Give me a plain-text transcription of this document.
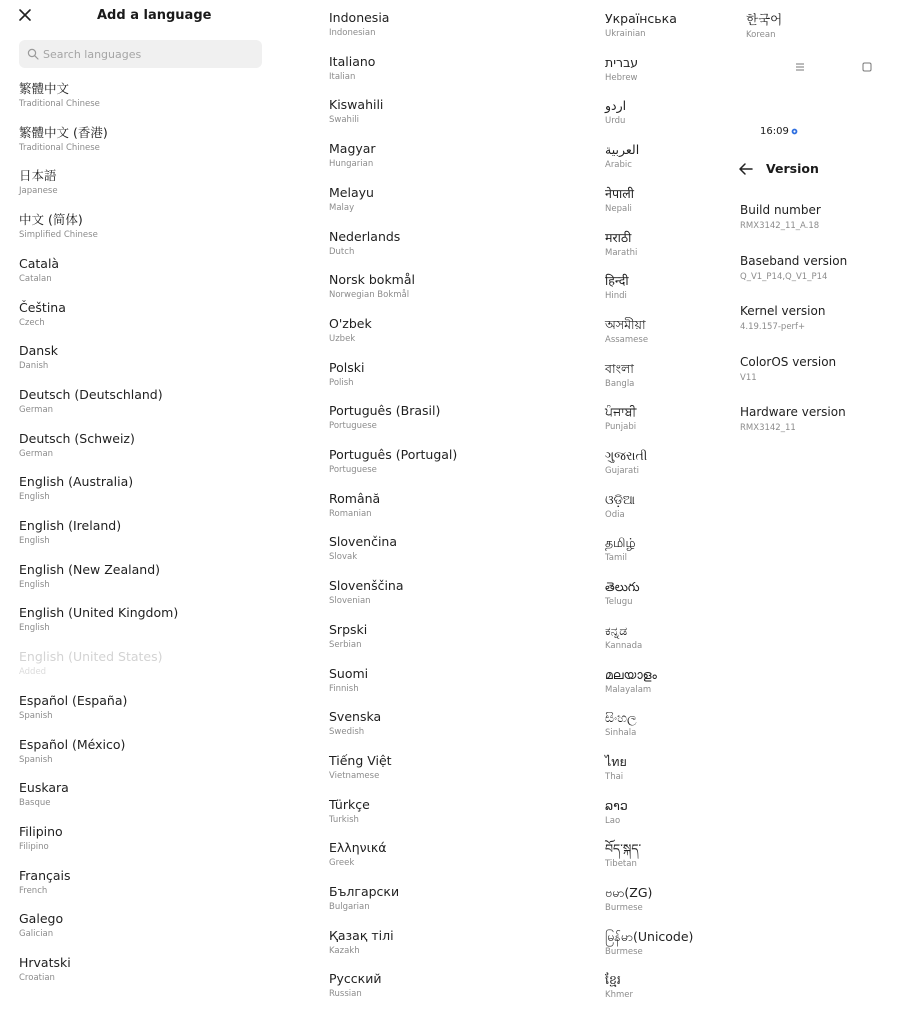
Add a language
Search languages
繁體中文
Traditional Chinese
繁體中文 (香港)
Traditional Chinese
日本語
Japanese
中文 (简体)
Simplified Chinese
Català
Catalan
Čeština
Czech
Dansk
Danish
Deutsch (Deutschland)
German
Deutsch (Schweiz)
German
English (Australia)
English
English (Ireland)
English
English (New Zealand)
English
English (United Kingdom)
English
English (United States)
Added
Español (España)
Spanish
Español (México)
Spanish
Euskara
Basque
Filipino
Filipino
Français
French
Galego
Galician
Hrvatski
Croatian
Indonesia
Indonesian
Italiano
Italian
Kiswahili
Swahili
Magyar
Hungarian
Melayu
Malay
Nederlands
Dutch
Norsk bokmål
Norwegian Bokmål
O'zbek
Uzbek
Polski
Polish
Português (Brasil)
Portuguese
Português (Portugal)
Portuguese
Română
Romanian
Slovenčina
Slovak
Slovenščina
Slovenian
Srpski
Serbian
Suomi
Finnish
Svenska
Swedish
Tiếng Việt
Vietnamese
Türkçe
Turkish
Ελληνικά
Greek
Български
Bulgarian
Қазақ тілі
Kazakh
Русский
Russian
Українська
Ukrainian
עברית
Hebrew
اردو
Urdu
العربية
Arabic
नेपाली
Nepali
मराठी
Marathi
हिन्दी
Hindi
অসমীয়া
Assamese
বাংলা
Bangla
ਪੰਜਾਬੀ
Punjabi
ગુજરાતી
Gujarati
ଓଡ଼ିଆ
Odia
தமிழ்
Tamil
తెలుగు
Telugu
ಕನ್ನಡ
Kannada
മലയാളം
Malayalam
සිංහල
Sinhala
ไทย
Thai
ລາວ
Lao
བོད་སྐད་
Tibetan
ဗမာ(ZG)
Burmese
မြန်မာ(Unicode)
Burmese
ខ្មែរ
Khmer
한국어
Korean
16:09
Version
Build number
RMX3142_11_A.18
Baseband version
Q_V1_P14,Q_V1_P14
Kernel version
4.19.157-perf+
ColorOS version
V11
Hardware version
RMX3142_11
